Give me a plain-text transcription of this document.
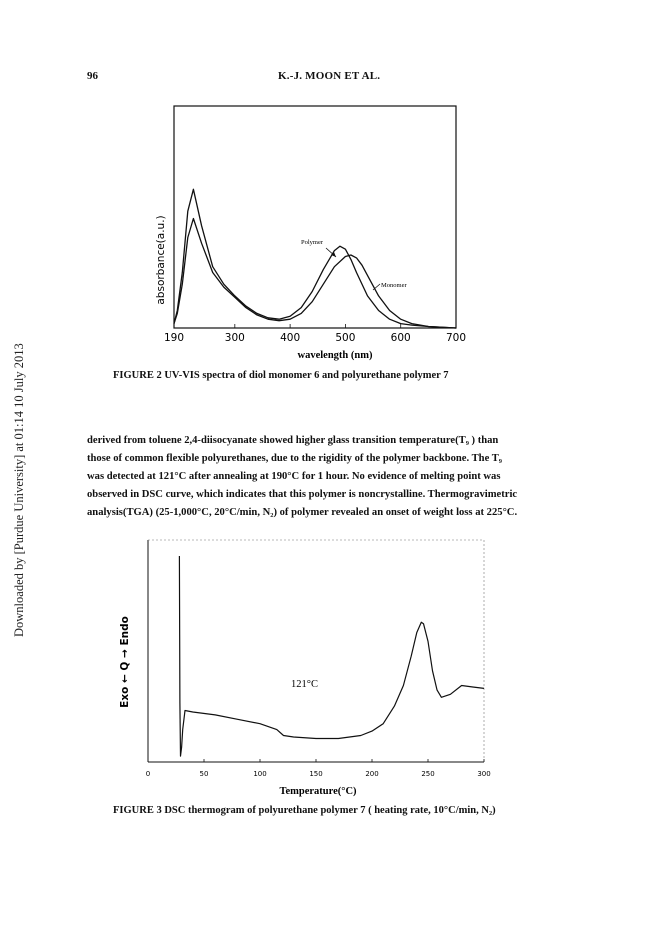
96	K.-J. MOON ET AL.
Downloaded by [Purdue University] at 01:14 10 July 2013
190	300	400	500	600	700
absorbance(a.u.)
wavelength (nm)
Polymer
Monomer
FIGURE 2 UV-VIS spectra of diol monomer 6 and polyurethane polymer 7

derived from toluene 2,4-diisocyanate showed higher glass transition temperature(T₉ ) than

those of common flexible polyurethanes, due to the rigidity of the polymer backbone. The T₉

was detected at 121°C after annealing at 190°C for 1 hour. No evidence of melting point was

observed in DSC curve, which indicates that this polymer is noncrystalline. Thermogravimetric

analysis(TGA) (25-1,000°C, 20°C/min, N₂) of polymer revealed an onset of weight loss at 225°C.

0	50	100	150	200	250	300
Exo ← Q → Endo
Temperature(°C)
121°C
FIGURE 3 DSC thermogram of polyurethane polymer 7 ( heating rate, 10°C/min, N₂)
